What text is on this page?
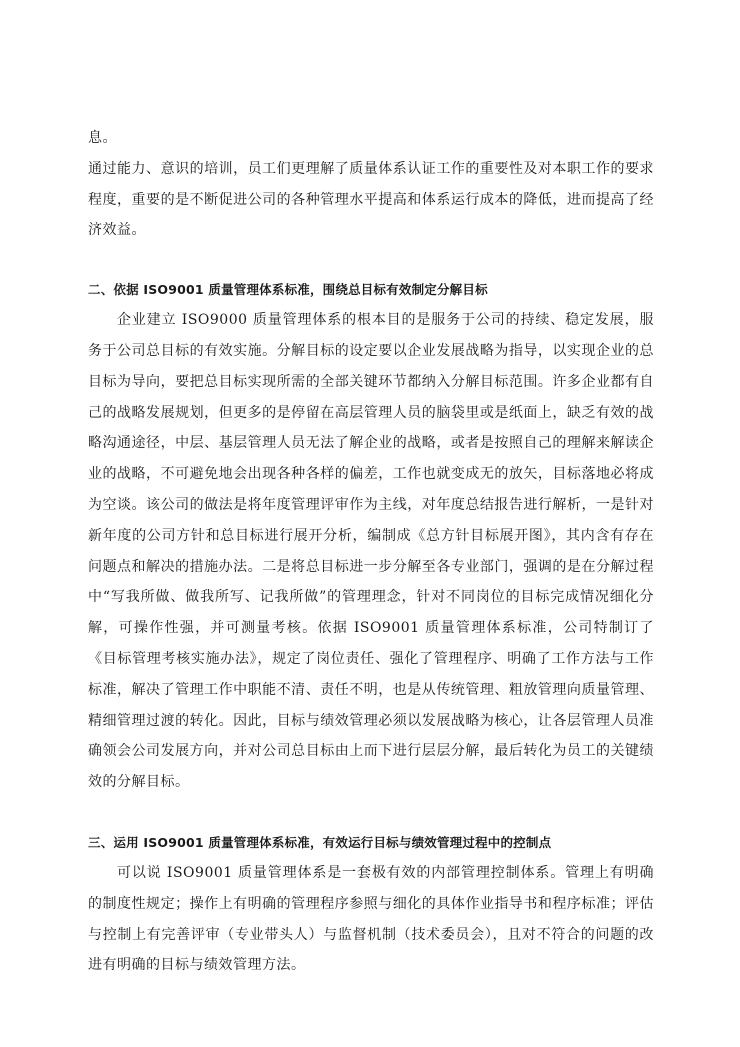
息。

通过能力、意识的培训，员工们更理解了质量体系认证工作的重要性及对本职工作的要求程度，重要的是不断促进公司的各种管理水平提高和体系运行成本的降低，进而提高了经济效益。

二、依据 ISO9001 质量管理体系标准，围绕总目标有效制定分解目标

企业建立 ISO9000 质量管理体系的根本目的是服务于公司的持续、稳定发展，服务于公司总目标的有效实施。分解目标的设定要以企业发展战略为指导，以实现企业的总目标为导向，要把总目标实现所需的全部关键环节都纳入分解目标范围。许多企业都有自己的战略发展规划，但更多的是停留在高层管理人员的脑袋里或是纸面上，缺乏有效的战略沟通途径，中层、基层管理人员无法了解企业的战略，或者是按照自己的理解来解读企业的战略，不可避免地会出现各种各样的偏差，工作也就变成无的放矢，目标落地必将成为空谈。该公司的做法是将年度管理评审作为主线，对年度总结报告进行解析，一是针对新年度的公司方针和总目标进行展开分析，编制成《总方针目标展开图》，其内含有存在问题点和解决的措施办法。二是将总目标进一步分解至各专业部门，强调的是在分解过程中“写我所做、做我所写、记我所做”的管理理念，针对不同岗位的目标完成情况细化分解，可操作性强，并可测量考核。依据 ISO9001 质量管理体系标准，公司特制订了《目标管理考核实施办法》，规定了岗位责任、强化了管理程序、明确了工作方法与工作标准，解决了管理工作中职能不清、责任不明，也是从传统管理、粗放管理向质量管理、精细管理过渡的转化。因此，目标与绩效管理必须以发展战略为核心，让各层管理人员准确领会公司发展方向，并对公司总目标由上而下进行层层分解，最后转化为员工的关键绩效的分解目标。

三、运用 ISO9001 质量管理体系标准，有效运行目标与绩效管理过程中的控制点

可以说 ISO9001 质量管理体系是一套极有效的内部管理控制体系。管理上有明确的制度性规定；操作上有明确的管理程序参照与细化的具体作业指导书和程序标准；评估与控制上有完善评审（专业带头人）与监督机制（技术委员会），且对不符合的问题的改进有明确的目标与绩效管理方法。
